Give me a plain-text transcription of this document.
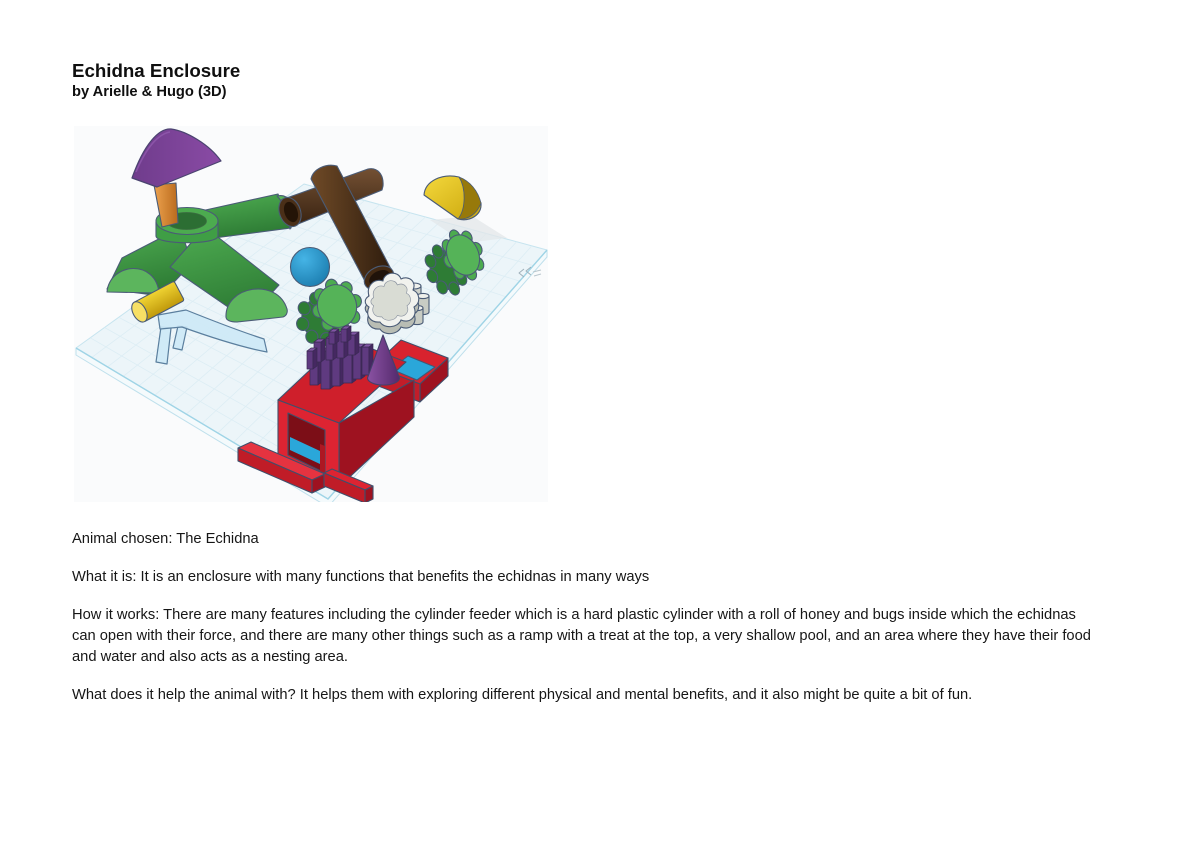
Echidna Enclosure

by Arielle & Hugo (3D)

Animal chosen: The Echidna

What it is: It is an enclosure with many functions that benefits the echidnas in many ways

How it works: There are many features including the cylinder feeder which is a hard plastic cylinder with a roll of honey and bugs inside which the echidnas can open with their force, and there are many other things such as a ramp with a treat at the top, a very shallow pool, and an area where they have their food and water and also acts as a nesting area.

What does it help the animal with? It helps them with exploring different physical and mental benefits, and it also might be quite a bit of fun.
